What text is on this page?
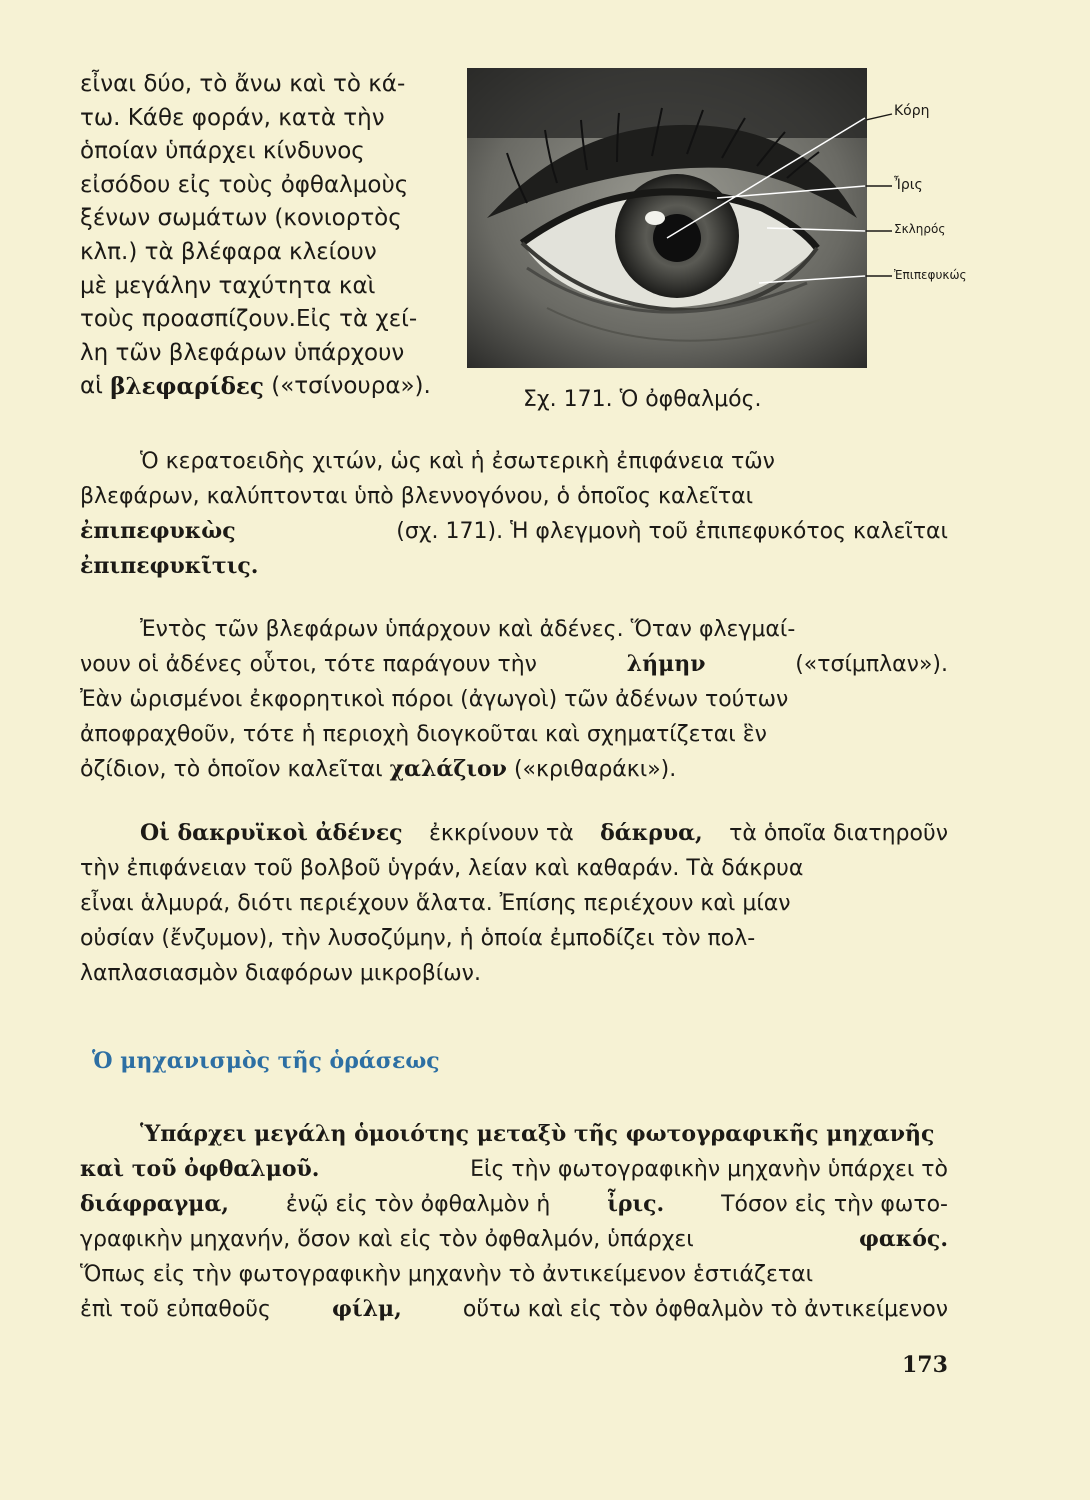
εἶναι δύο, τὸ ἄνω καὶ τὸ κά-
τω. Κάθε φοράν, κατὰ τὴν
ὁποίαν ὑπάρχει κίνδυνος
εἰσόδου εἰς τοὺς ὀφθαλμοὺς
ξένων σωμάτων (κονιορτὸς
κλπ.) τὰ βλέφαρα κλείουν
μὲ μεγάλην ταχύτητα καὶ
τοὺς προασπίζουν.Εἰς τὰ χεί-
λη τῶν βλεφάρων ὑπάρχουν
αἱ
βλεφαρίδες
(«τσίνουρα»).
Κόρη
Ἶρις
Σκληρός
Ἐπιπεφυκώς
Σχ. 171. Ὁ ὀφθαλμός.
Ὁ κερατοειδὴς χιτών, ὡς καὶ ἡ ἐσωτερικὴ ἐπιφάνεια τῶν
βλεφάρων, καλύπτονται ὑπὸ βλεννογόνου, ὁ ὁποῖος καλεῖται
ἐπιπεφυκὼς	(σχ. 171). Ἡ φλεγμονὴ τοῦ ἐπιπεφυκότος καλεῖται
ἐπιπεφυκῖτις.
Ἐντὸς τῶν βλεφάρων ὑπάρχουν καὶ ἀδένες. Ὅταν φλεγμαί-
νουν οἱ ἀδένες οὗτοι, τότε παράγουν τὴν	λήμην	(«τσίμπλαν»).
Ἐὰν ὡρισμένοι ἐκφορητικοὶ πόροι (ἀγωγοὶ) τῶν ἀδένων τούτων
ἀποφραχθοῦν, τότε ἡ περιοχὴ διογκοῦται καὶ σχηματίζεται ἓν
ὀζίδιον, τὸ ὁποῖον καλεῖται
χαλάζιον
(«κριθαράκι»).
Οἱ δακρυϊκοὶ ἀδένες ἐκκρίνουν τὰ δάκρυα, τὰ ὁποῖα διατηροῦν
τὴν ἐπιφάνειαν τοῦ βολβοῦ ὑγράν, λείαν καὶ καθαράν. Τὰ δάκρυα
εἶναι ἁλμυρά, διότι περιέχουν ἅλατα. Ἐπίσης περιέχουν καὶ μίαν
οὐσίαν (ἔνζυμον), τὴν λυσοζύμην, ἡ ὁποία ἐμποδίζει τὸν πολ-
λαπλασιασμὸν διαφόρων μικροβίων.
Ὁ μηχανισμὸς τῆς ὁράσεως
Ὑπάρχει μεγάλη ὁμοιότης μεταξὺ τῆς φωτογραφικῆς μηχανῆς
καὶ τοῦ ὀφθαλμοῦ.	Εἰς τὴν φωτογραφικὴν μηχανὴν ὑπάρχει τὸ
διάφραγμα,	ἐνῷ εἰς τὸν ὀφθαλμὸν ἡ	ἶρις.	Τόσον εἰς τὴν φωτο-
γραφικὴν μηχανήν, ὅσον καὶ εἰς τὸν ὀφθαλμόν, ὑπάρχει	φακός.
Ὅπως εἰς τὴν φωτογραφικὴν μηχανὴν τὸ ἀντικείμενον ἑστιάζεται
ἐπὶ τοῦ εὐπαθοῦς	φίλμ,	οὕτω καὶ εἰς τὸν ὀφθαλμὸν τὸ ἀντικείμενον
173
